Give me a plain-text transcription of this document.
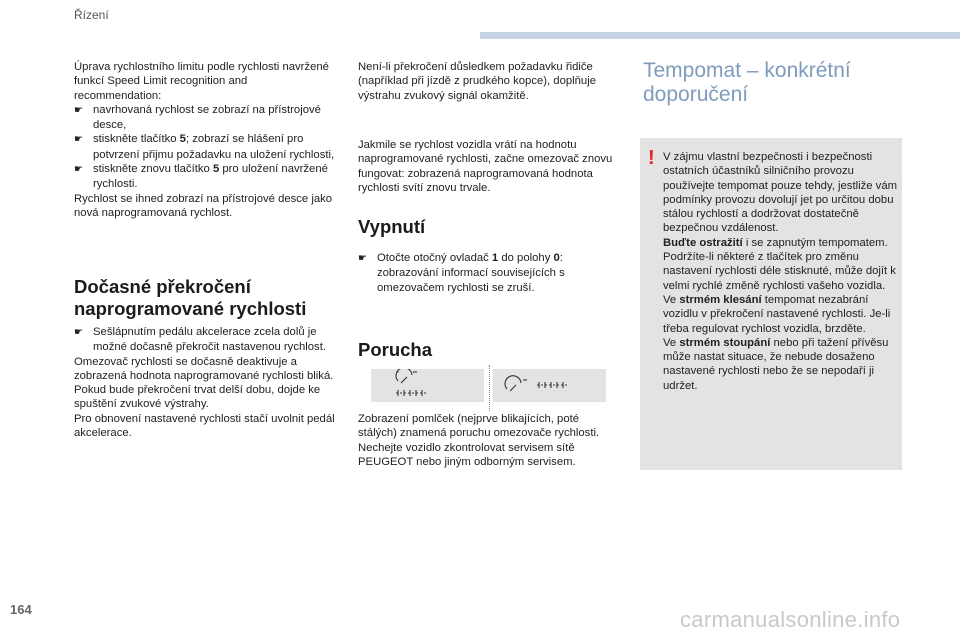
Řízení

Úprava rychlostního limitu podle rychlosti navržené funkcí Speed Limit recognition and recommendation:

☛ navrhovaná rychlost se zobrazí na přístrojové desce,

☛ stiskněte tlačítko 5; zobrazí se hlášení pro potvrzení přijmu požadavku na uložení rychlosti,

☛ stiskněte znovu tlačítko 5 pro uložení navržené rychlosti.

Rychlost se ihned zobrazí na přístrojové desce jako nová naprogramovaná rychlost.

Dočasné překročení
naprogramované rychlosti

☛ Sešlápnutím pedálu akcelerace zcela dolů je možné dočasně překročit nastavenou rychlost.

Omezovač rychlosti se dočasně deaktivuje a zobrazená hodnota naprogramované rychlosti bliká.

Pokud bude překročení trvat delší dobu, dojde ke spuštění zvukové výstrahy.

Pro obnovení nastavené rychlosti stačí uvolnit pedál akcelerace.

Není-li překročení důsledkem požadavku řidiče (například při jízdě z prudkého kopce), doplňuje výstrahu zvukový signál okamžitě.

Jakmile se rychlost vozidla vrátí na hodnotu naprogramované rychlosti, začne omezovač znovu fungovat: zobrazená naprogramovaná hodnota rychlosti svítí znovu trvale.

Vypnutí

☛ Otočte otočný ovladač 1 do polohy 0: zobrazování informací souvisejících s omezovačem rychlosti se zruší.

Porucha

Zobrazení pomlček (nejprve blikajících, poté stálých) znamená poruchu omezovače rychlosti.

Nechejte vozidlo zkontrolovat servisem sítě PEUGEOT nebo jiným odborným servisem.

Tempomat – konkrétní
doporučení

! V zájmu vlastní bezpečnosti i bezpečnosti ostatních účastníků silničního provozu používejte tempomat pouze tehdy, jestliže vám podmínky provozu dovolují jet po určitou dobu stálou rychlostí a dodržovat dostatečně bezpečnou vzdálenost.

Buďte ostražití i se zapnutým tempomatem. Podržíte-li některé z tlačítek pro změnu nastavení rychlosti déle stisknuté, může dojít k velmi rychlé změně rychlosti vašeho vozidla.

Ve strmém klesání tempomat nezabrání vozidlu v překročení nastavené rychlosti. Je-li třeba regulovat rychlost vozidla, brzděte.

Ve strmém stoupání nebo při tažení přívěsu může nastat situace, že nebude dosaženo nastavené rychlosti nebo že se nepodaří ji udržet.

164	carmanualsonline.info
